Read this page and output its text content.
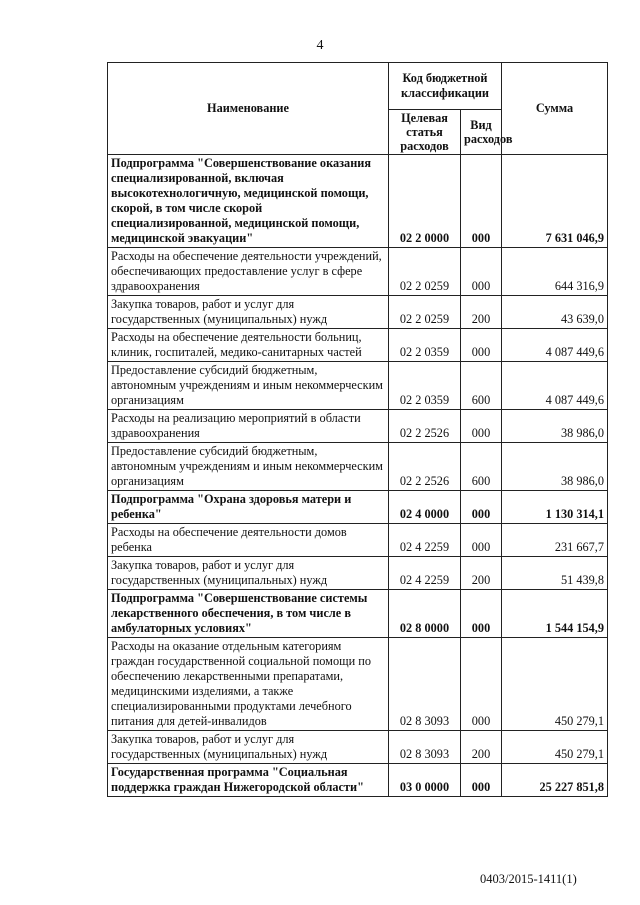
4
Наименование	Код бюджетной классификации		Сумма
	Целевая статья расходов	Вид расходов	
Подпрограмма "Совершенствование оказания специализированной, включая высокотехнологичную, медицинской помощи, скорой, в том числе скорой специализированной, медицинской помощи, медицинской эвакуации"	02 2 0000	000	7 631 046,9
Расходы на обеспечение деятельности учреждений, обеспечивающих предоставление услуг в сфере здравоохранения	02 2 0259	000	644 316,9
Закупка товаров, работ и услуг для государственных (муниципальных) нужд	02 2 0259	200	43 639,0
Расходы на обеспечение деятельности больниц, клиник, госпиталей, медико-санитарных частей	02 2 0359	000	4 087 449,6
Предоставление субсидий бюджетным, автономным учреждениям и иным некоммерческим организациям	02 2 0359	600	4 087 449,6
Расходы на реализацию мероприятий в области здравоохранения	02 2 2526	000	38 986,0
Предоставление субсидий бюджетным, автономным учреждениям и иным некоммерческим организациям	02 2 2526	600	38 986,0
Подпрограмма "Охрана здоровья матери и ребенка"	02 4 0000	000	1 130 314,1
Расходы на обеспечение деятельности домов ребенка	02 4 2259	000	231 667,7
Закупка товаров, работ и услуг для государственных (муниципальных) нужд	02 4 2259	200	51 439,8
Подпрограмма "Совершенствование системы лекарственного обеспечения, в том числе в амбулаторных условиях"	02 8 0000	000	1 544 154,9
Расходы на оказание отдельным категориям граждан государственной социальной помощи по обеспечению лекарственными препаратами, медицинскими изделиями, а также специализированными продуктами лечебного питания для детей-инвалидов	02 8 3093	000	450 279,1
Закупка товаров, работ и услуг для государственных (муниципальных) нужд	02 8 3093	200	450 279,1
Государственная программа "Социальная поддержка граждан Нижегородской области"	03 0 0000	000	25 227 851,8
0403/2015-1411(1)
